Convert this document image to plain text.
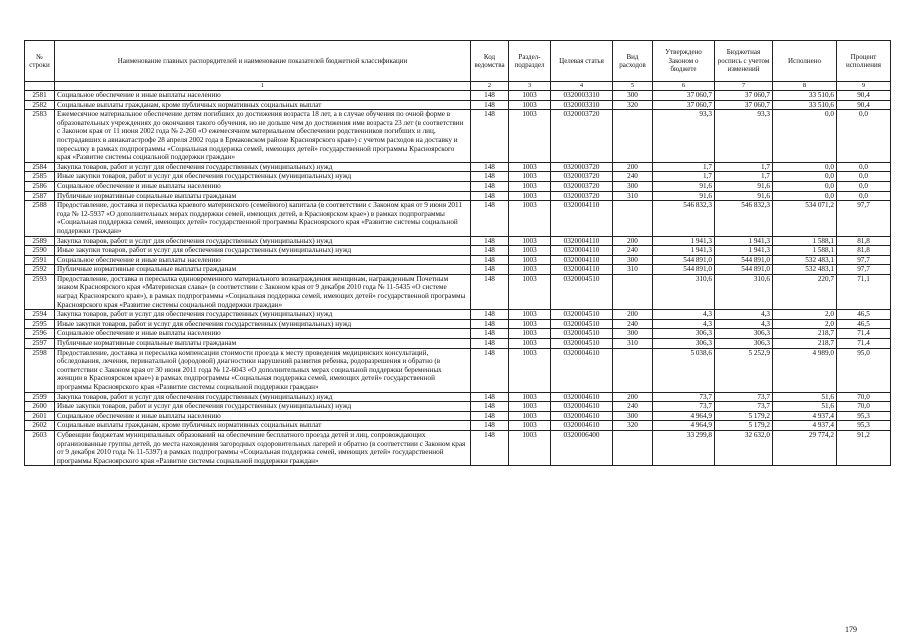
№ строки	Наименование главных распорядителей и наименование показателей бюджетной классификации	Код ведомства	Раздел-подраздел	Целевая статья	Вид расходов	Утверждено Законом о бюджете	Бюджетная роспись с учетом изменений	Исполнено	Процент исполнения
	1	2	3	4	5	6	7	8	9
2581	Социальное обеспечение и иные выплаты населению	148	1003	0320003310	300	37 060,7	37 060,7	33 510,6	90,4
2582	Социальные выплаты гражданам, кроме публичных нормативных социальных выплат	148	1003	0320003310	320	37 060,7	37 060,7	33 510,6	90,4
2583	Ежемесячное материальное обеспечение детям погибших до достижения возраста 18 лет, а в случае обучения по очной форме в образовательных учреждениях до окончания такого обучения, но не дольше чем до достижения ими возраста 23 лет (в соответствии с Законом края от 11 июня 2002 года № 2-260 «О ежемесячном материальном обеспечении родственников погибших и лиц, пострадавших в авиакатастрофе 28 апреля 2002 года в Ермаковском районе Красноярского края») с учетом расходов на доставку и пересылку в рамках подпрограммы «Социальная поддержка семей, имеющих детей» государственной программы Красноярского края «Развитие системы социальной поддержки граждан»	148	1003	0320003720		93,3	93,3	0,0	0,0
2584	Закупка товаров, работ и услуг для обеспечения государственных (муниципальных) нужд	148	1003	0320003720	200	1,7	1,7	0,0	0,0
2585	Иные закупки товаров, работ и услуг для обеспечения государственных (муниципальных) нужд	148	1003	0320003720	240	1,7	1,7	0,0	0,0
2586	Социальное обеспечение и иные выплаты населению	148	1003	0320003720	300	91,6	91,6	0,0	0,0
2587	Публичные нормативные социальные выплаты гражданам	148	1003	0320003720	310	91,6	91,6	0,0	0,0
2588	Предоставление, доставка и пересылка краевого материнского (семейного) капитала (в соответствии с Законом края от 9 июня 2011 года № 12-5937 «О дополнительных мерах поддержки семей, имеющих детей, в Красноярском крае») в рамках подпрограммы «Социальная поддержка семей, имеющих детей» государственной программы Красноярского края «Развитие системы социальной поддержки граждан»	148	1003	0320004110		546 832,3	546 832,3	534 071,2	97,7
2589	Закупка товаров, работ и услуг для обеспечения государственных (муниципальных) нужд	148	1003	0320004110	200	1 941,3	1 941,3	1 588,1	81,8
2590	Иные закупки товаров, работ и услуг для обеспечения государственных (муниципальных) нужд	148	1003	0320004110	240	1 941,3	1 941,3	1 588,1	81,8
2591	Социальное обеспечение и иные выплаты населению	148	1003	0320004110	300	544 891,0	544 891,0	532 483,1	97,7
2592	Публичные нормативные социальные выплаты гражданам	148	1003	0320004110	310	544 891,0	544 891,0	532 483,1	97,7
2593	Предоставление, доставка и пересылка единовременного материального вознаграждения женщинам, награжденным Почетным знаком Красноярского края «Материнская слава» (в соответствии с Законом края от 9 декабря 2010 года № 11-5435 «О системе наград Красноярского края»), в рамках подпрограммы «Социальная поддержка семей, имеющих детей» государственной программы Красноярского края «Развитие системы социальной поддержки граждан»	148	1003	0320004510		310,6	310,6	220,7	71,1
2594	Закупка товаров, работ и услуг для обеспечения государственных (муниципальных) нужд	148	1003	0320004510	200	4,3	4,3	2,0	46,5
2595	Иные закупки товаров, работ и услуг для обеспечения государственных (муниципальных) нужд	148	1003	0320004510	240	4,3	4,3	2,0	46,5
2596	Социальное обеспечение и иные выплаты населению	148	1003	0320004510	300	306,3	306,3	218,7	71,4
2597	Публичные нормативные социальные выплаты гражданам	148	1003	0320004510	310	306,3	306,3	218,7	71,4
2598	Предоставление, доставка и пересылка компенсации стоимости проезда к месту проведения медицинских консультаций, обследования, лечения, перинатальной (дородовой) диагностики нарушений развития ребенка, родоразрешения и обратно (в соответствии с Законом края от 30 июня 2011 года № 12-6043 «О дополнительных мерах социальной поддержки беременных женщин в Красноярском крае») в рамках подпрограммы «Социальная поддержка семей, имеющих детей» государственной программы Красноярского края «Развитие системы социальной поддержки граждан»	148	1003	0320004610		5 038,6	5 252,9	4 989,0	95,0
2599	Закупка товаров, работ и услуг для обеспечения государственных (муниципальных) нужд	148	1003	0320004610	200	73,7	73,7	51,6	70,0
2600	Иные закупки товаров, работ и услуг для обеспечения государственных (муниципальных) нужд	148	1003	0320004610	240	73,7	73,7	51,6	70,0
2601	Социальное обеспечение и иные выплаты населению	148	1003	0320004610	300	4 964,9	5 179,2	4 937,4	95,3
2602	Социальные выплаты гражданам, кроме публичных нормативных социальных выплат	148	1003	0320004610	320	4 964,9	5 179,2	4 937,4	95,3
2603	Субвенции бюджетам муниципальных образований на обеспечение бесплатного проезда детей и лиц, сопровождающих организованные группы детей, до места нахождения загородных оздоровительных лагерей и обратно (в соответствии с Законом края от 9 декабря 2010 года № 11-5397) в рамках подпрограммы «Социальная поддержка семей, имеющих детей» государственной программы Красноярского края «Развитие системы социальной поддержки граждан»	148	1003	0320006400		33 299,8	32 632,0	29 774,2	91,2
179
